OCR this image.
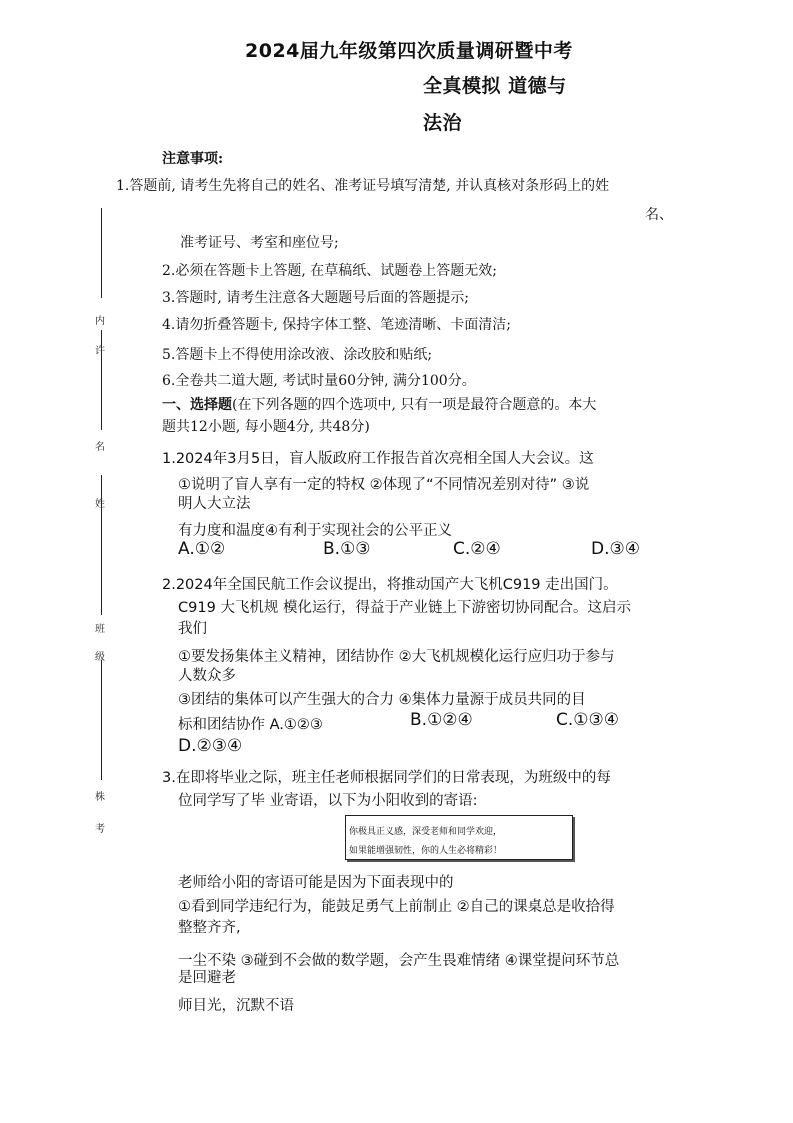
内
许
名
姓
班
级
株
考
2024届九年级第四次质量调研暨中考
全真模拟 道德与
法治
注意事项:
1.答题前, 请考生先将自己的姓名、准考证号填写清楚, 并认真核对条形码上的姓
名、
准考证号、考室和座位号;
2.必须在答题卡上答题, 在草稿纸、试题卷上答题无效;
3.答题时, 请考生注意各大题题号后面的答题提示;
4.请勿折叠答题卡, 保持字体工整、笔迹清晰、卡面清洁;
5.答题卡上不得使用涂改液、涂改胶和贴纸;
6.全卷共二道大题, 考试时量60分钟, 满分100分。
一、选择题(在下列各题的四个选项中, 只有一项是最符合题意的。本大
题共12小题, 每小题4分, 共48分)
1.2024年3月5日，盲人版政府工作报告首次亮相全国人大会议。这
①说明了盲人享有一定的特权 ②体现了“不同情况差别对待” ③说
明人大立法
有力度和温度④有利于实现社会的公平正义
A.①②	B.①③	C.②④	D.③④
2.2024年全国民航工作会议提出，将推动国产大飞机C919 走出国门。
C919 大飞机规 模化运行，得益于产业链上下游密切协同配合。这启示
我们
①要发扬集体主义精神，团结协作 ②大飞机规模化运行应归功于参与
人数众多
③团结的集体可以产生强大的合力 ④集体力量源于成员共同的目
标和团结协作 A.①②③	B.①②④	C.①③④
D.②③④
3.在即将毕业之际，班主任老师根据同学们的日常表现，为班级中的每
位同学写了毕 业寄语，以下为小阳收到的寄语:
你极具正义感，深受老师和同学欢迎，
如果能增强韧性，你的人生必将精彩！
老师给小阳的寄语可能是因为下面表现中的
①看到同学违纪行为，能鼓足勇气上前制止 ②自己的课桌总是收拾得
整整齐齐,
一尘不染 ③碰到不会做的数学题，会产生畏难情绪 ④课堂提问环节总
是回避老
师目光，沉默不语
